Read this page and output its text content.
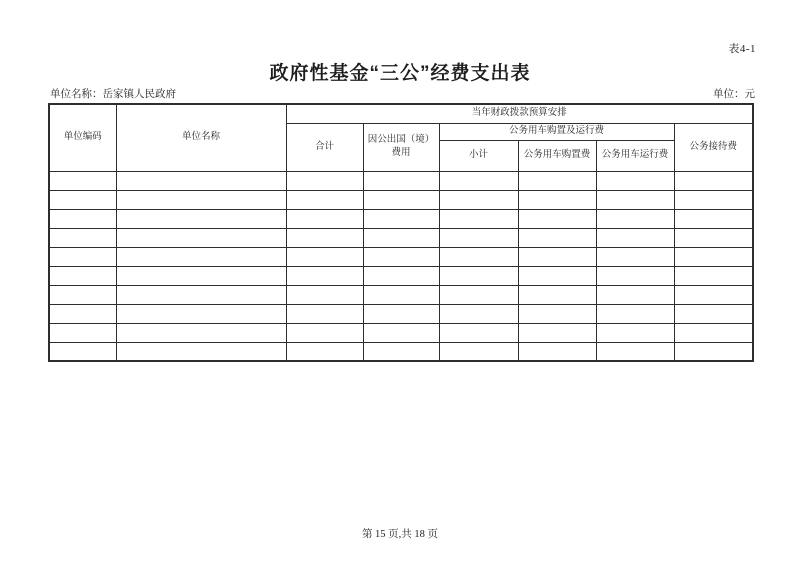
表4-1
政府性基金“三公”经费支出表
单位名称：岳家镇人民政府	单位：元
单位编码	单位名称	当年财政拨款预算安排					
		合计	因公出国（境）费用	公务用车购置及运行费			公务接待费
				小计	公务用车购置费	公务用车运行费	

第 15 页,共 18 页
